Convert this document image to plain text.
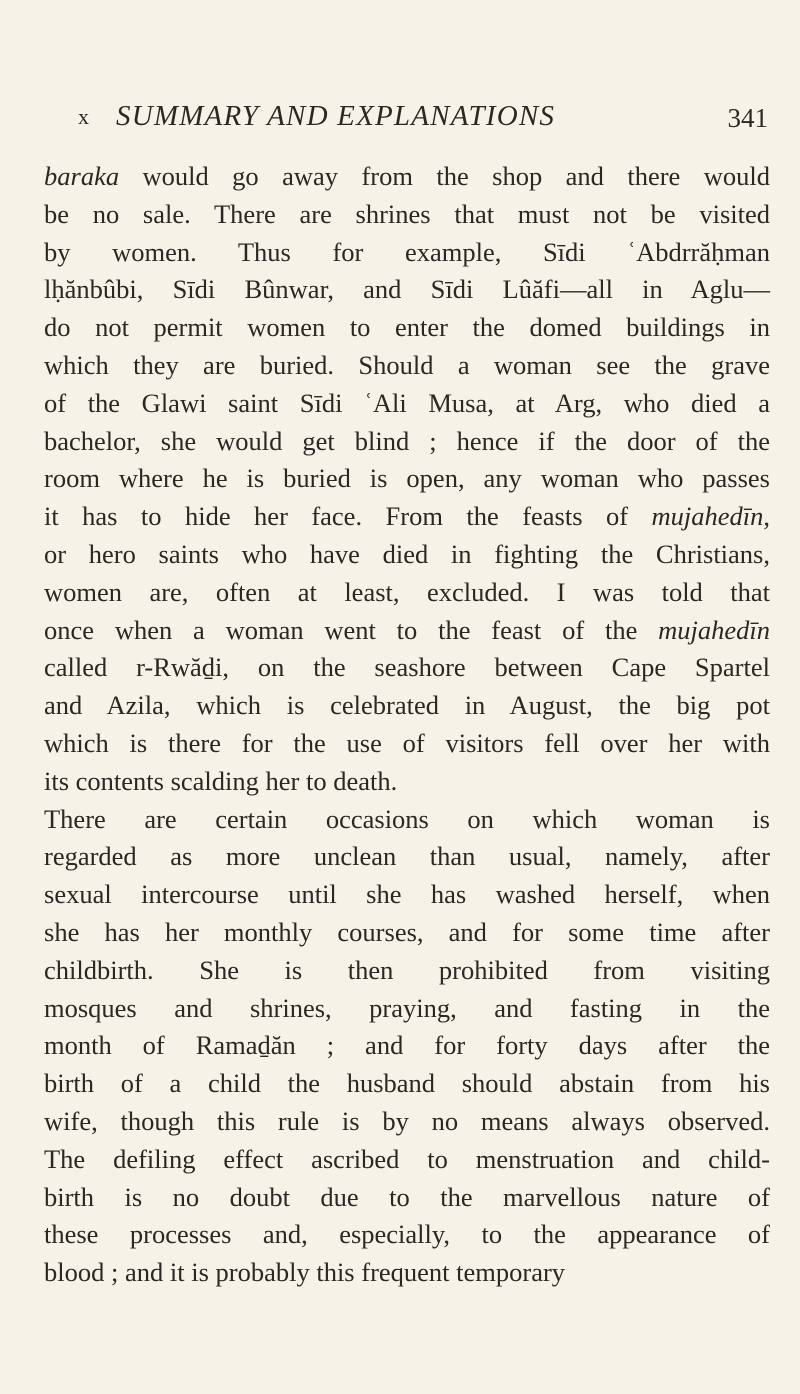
x SUMMARY AND EXPLANATIONS	341
baraka would go away from the shop and there would
be no sale. There are shrines that must not be visited
by women. Thus for example, Sīdi ʿAbdrrăḥman
lḥănbûbi, Sīdi Bûnwar, and Sīdi Lûăfi—all in Aglu—
do not permit women to enter the domed buildings in
which they are buried. Should a woman see the grave
of the Glawi saint Sīdi ʿAli Musa, at Arg, who died a
bachelor, she would get blind ; hence if the door of the
room where he is buried is open, any woman who passes
it has to hide her face. From the feasts of mujahedīn,
or hero saints who have died in fighting the Christians,
women are, often at least, excluded. I was told that
once when a woman went to the feast of the mujahedīn
called r-Rwăḏi, on the seashore between Cape Spartel
and Azila, which is celebrated in August, the big pot
which is there for the use of visitors fell over her with
its contents scalding her to death.
There are certain occasions on which woman is
regarded as more unclean than usual, namely, after
sexual intercourse until she has washed herself, when
she has her monthly courses, and for some time after
childbirth. She is then prohibited from visiting
mosques and shrines, praying, and fasting in the
month of Ramaḏăn ; and for forty days after the
birth of a child the husband should abstain from his
wife, though this rule is by no means always observed.
The defiling effect ascribed to menstruation and child-
birth is no doubt due to the marvellous nature of
these processes and, especially, to the appearance of
blood ; and it is probably this frequent temporary
